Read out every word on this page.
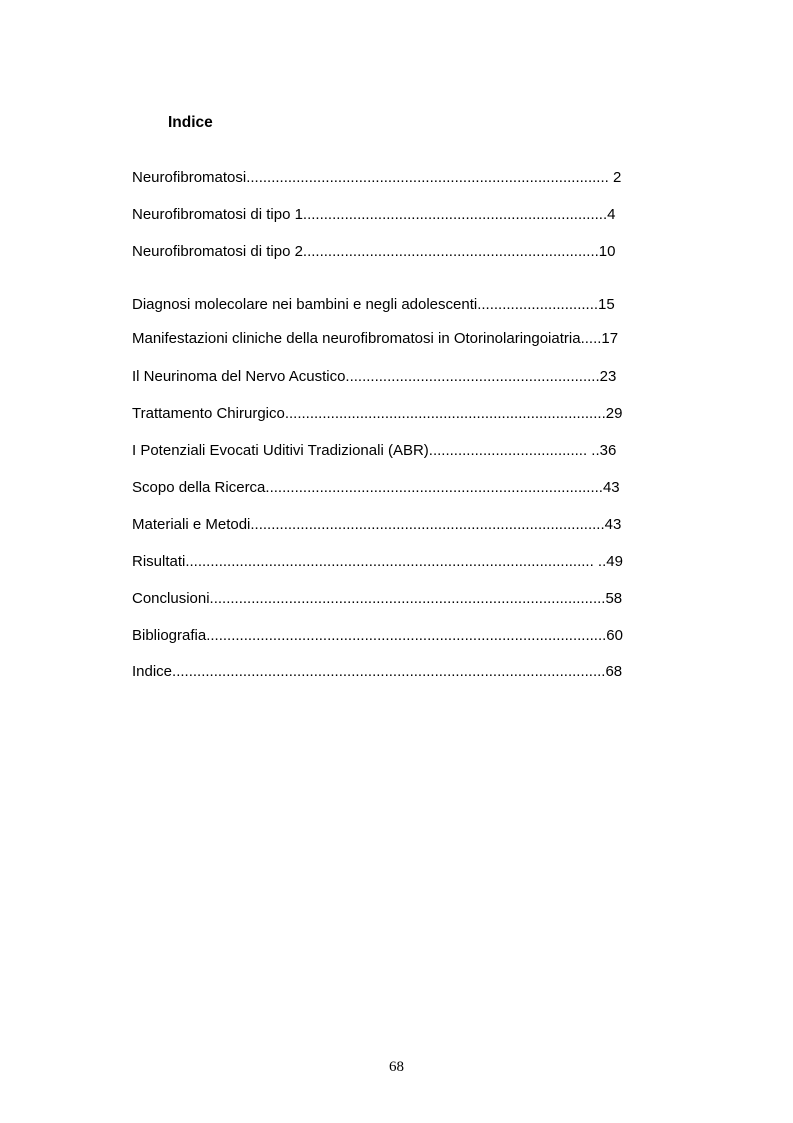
Indice
Neurofibromatosi....................................................................................... 2
Neurofibromatosi di tipo 1.........................................................................4
Neurofibromatosi di tipo 2.......................................................................10
Diagnosi molecolare nei bambini e negli adolescenti.............................15
Manifestazioni cliniche della neurofibromatosi in Otorinolaringoiatria.....17
Il Neurinoma del Nervo Acustico.............................................................23
Trattamento Chirurgico.............................................................................29
I Potenziali Evocati Uditivi Tradizionali (ABR)...................................... ..36
Scopo della Ricerca.................................................................................43
Materiali e Metodi.....................................................................................43
Risultati.................................................................................................. ..49
Conclusioni...............................................................................................58
Bibliografia................................................................................................60
Indice........................................................................................................68
68
